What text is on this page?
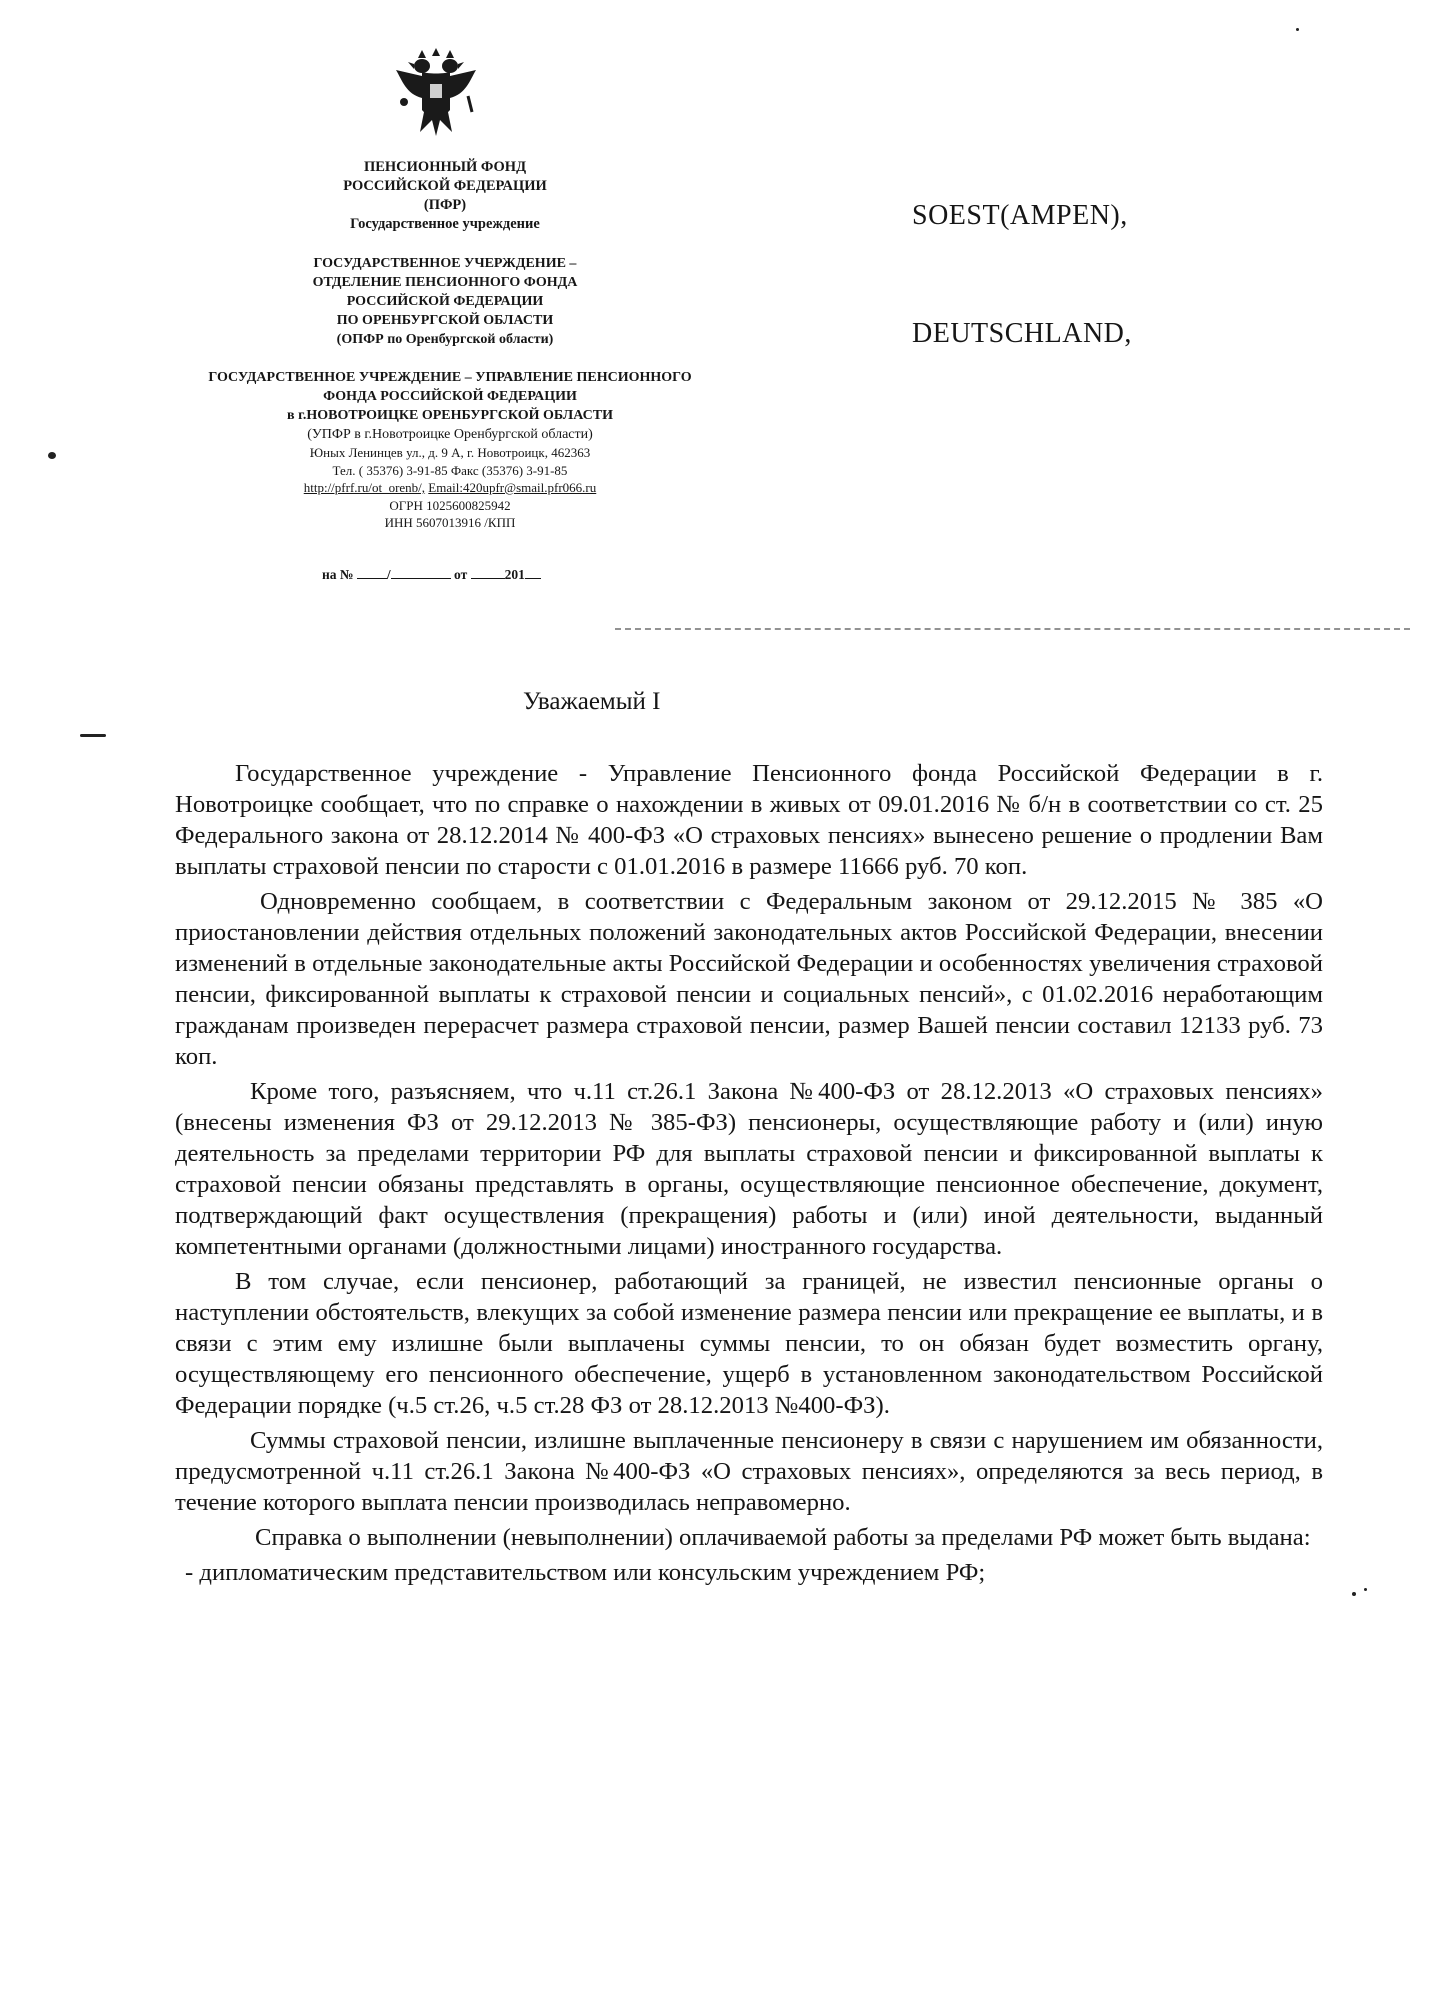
ПЕНСИОННЫЙ ФОНД
РОССИЙСКОЙ ФЕДЕРАЦИИ
(ПФР)
Государственное учреждение
ГОСУДАРСТВЕННОЕ УЧЕРЖДЕНИЕ –
ОТДЕЛЕНИЕ ПЕНСИОННОГО ФОНДА
РОССИЙСКОЙ ФЕДЕРАЦИИ
ПО ОРЕНБУРГСКОЙ ОБЛАСТИ
(ОПФР по Оренбургской области)
ГОСУДАРСТВЕННОЕ УЧРЕЖДЕНИЕ – УПРАВЛЕНИЕ ПЕНСИОННОГО
ФОНДА РОССИЙСКОЙ ФЕДЕРАЦИИ
в г.НОВОТРОИЦКЕ ОРЕНБУРГСКОЙ ОБЛАСТИ
(УПФР в г.Новотроицке Оренбургской области)
Юных Ленинцев ул., д. 9 А, г. Новотроицк, 462363
Тел. ( 35376) 3-91-85 Факс (35376) 3-91-85
http://pfrf.ru/ot_orenb/, Email:420upfr@smail.pfr066.ru
ОГРН 1025600825942
ИНН 5607013916 /КПП
на № /	от	201
SOEST(AMPEN),
DEUTSCHLAND,
Уважаемый I

Государственное учреждение - Управление Пенсионного фонда Российской Федерации в г. Новотроицке сообщает, что по справке о нахождении в живых от 09.01.2016 № б/н в соответствии со ст. 25 Федерального закона от 28.12.2014 № 400-ФЗ «О страховых пенсиях» вынесено решение о продлении Вам выплаты страховой пенсии по старости с 01.01.2016 в размере 11666 руб. 70 коп.

Одновременно сообщаем, в соответствии с Федеральным законом от 29.12.2015 № 385 «О приостановлении действия отдельных положений законодательных актов Российской Федерации, внесении изменений в отдельные законодательные акты Российской Федерации и особенностях увеличения страховой пенсии, фиксированной выплаты к страховой пенсии и социальных пенсий», с 01.02.2016 неработающим гражданам произведен перерасчет размера страховой пенсии, размер Вашей пенсии составил 12133 руб. 73 коп.

Кроме того, разъясняем, что ч.11 ст.26.1 Закона №400-ФЗ от 28.12.2013 «О страховых пенсиях» (внесены изменения ФЗ от 29.12.2013 № 385-ФЗ) пенсионеры, осуществляющие работу и (или) иную деятельность за пределами территории РФ для выплаты страховой пенсии и фиксированной выплаты к страховой пенсии обязаны представлять в органы, осуществляющие пенсионное обеспечение, документ, подтверждающий факт осуществления (прекращения) работы и (или) иной деятельности, выданный компетентными органами (должностными лицами) иностранного государства.

В том случае, если пенсионер, работающий за границей, не известил пенсионные органы о наступлении обстоятельств, влекущих за собой изменение размера пенсии или прекращение ее выплаты, и в связи с этим ему излишне были выплачены суммы пенсии, то он обязан будет возместить органу, осуществляющему его пенсионного обеспечение, ущерб в установленном законодательством Российской Федерации порядке (ч.5 ст.26, ч.5 ст.28 ФЗ от 28.12.2013 №400-ФЗ).

Суммы страховой пенсии, излишне выплаченные пенсионеру в связи с нарушением им обязанности, предусмотренной ч.11 ст.26.1 Закона №400-ФЗ «О страховых пенсиях», определяются за весь период, в течение которого выплата пенсии производилась неправомерно.

Справка о выполнении (невыполнении) оплачиваемой работы за пределами РФ может быть выдана:

- дипломатическим представительством или консульским учреждением РФ;
